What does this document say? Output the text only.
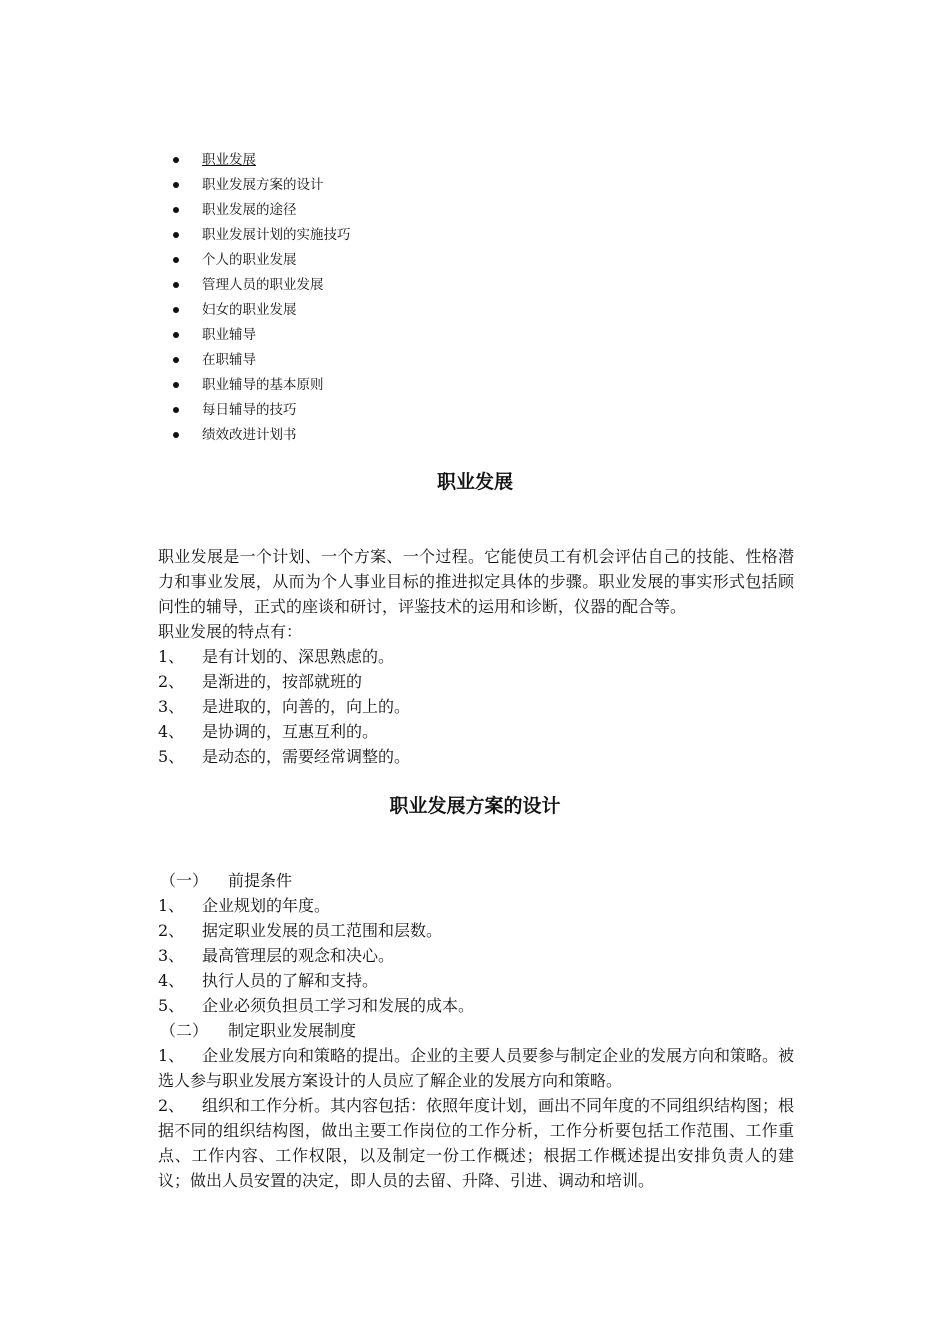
职业发展
职业发展方案的设计
职业发展的途径
职业发展计划的实施技巧
个人的职业发展
管理人员的职业发展
妇女的职业发展
职业辅导
在职辅导
职业辅导的基本原则
每日辅导的技巧
绩效改进计划书
职业发展

职业发展是一个计划、一个方案、一个过程。它能使员工有机会评估自己的技能、性格潜力和事业发展，从而为个人事业目标的推进拟定具体的步骤。职业发展的事实形式包括顾问性的辅导，正式的座谈和研讨，评鉴技术的运用和诊断，仪器的配合等。

职业发展的特点有：

1、 是有计划的、深思熟虑的。

2、 是渐进的，按部就班的

3、 是进取的，向善的，向上的。

4、 是协调的，互惠互利的。

5、 是动态的，需要经常调整的。

职业发展方案的设计

（一） 前提条件

1、 企业规划的年度。

2、 据定职业发展的员工范围和层数。

3、 最高管理层的观念和决心。

4、 执行人员的了解和支持。

5、 企业必须负担员工学习和发展的成本。

（二） 制定职业发展制度

1、 企业发展方向和策略的提出。企业的主要人员要参与制定企业的发展方向和策略。被选人参与职业发展方案设计的人员应了解企业的发展方向和策略。

2、 组织和工作分析。其内容包括：依照年度计划，画出不同年度的不同组织结构图；根据不同的组织结构图，做出主要工作岗位的工作分析，工作分析要包括工作范围、工作重点、工作内容、工作权限，以及制定一份工作概述；根据工作概述提出安排负责人的建议；做出人员安置的决定，即人员的去留、升降、引进、调动和培训。
